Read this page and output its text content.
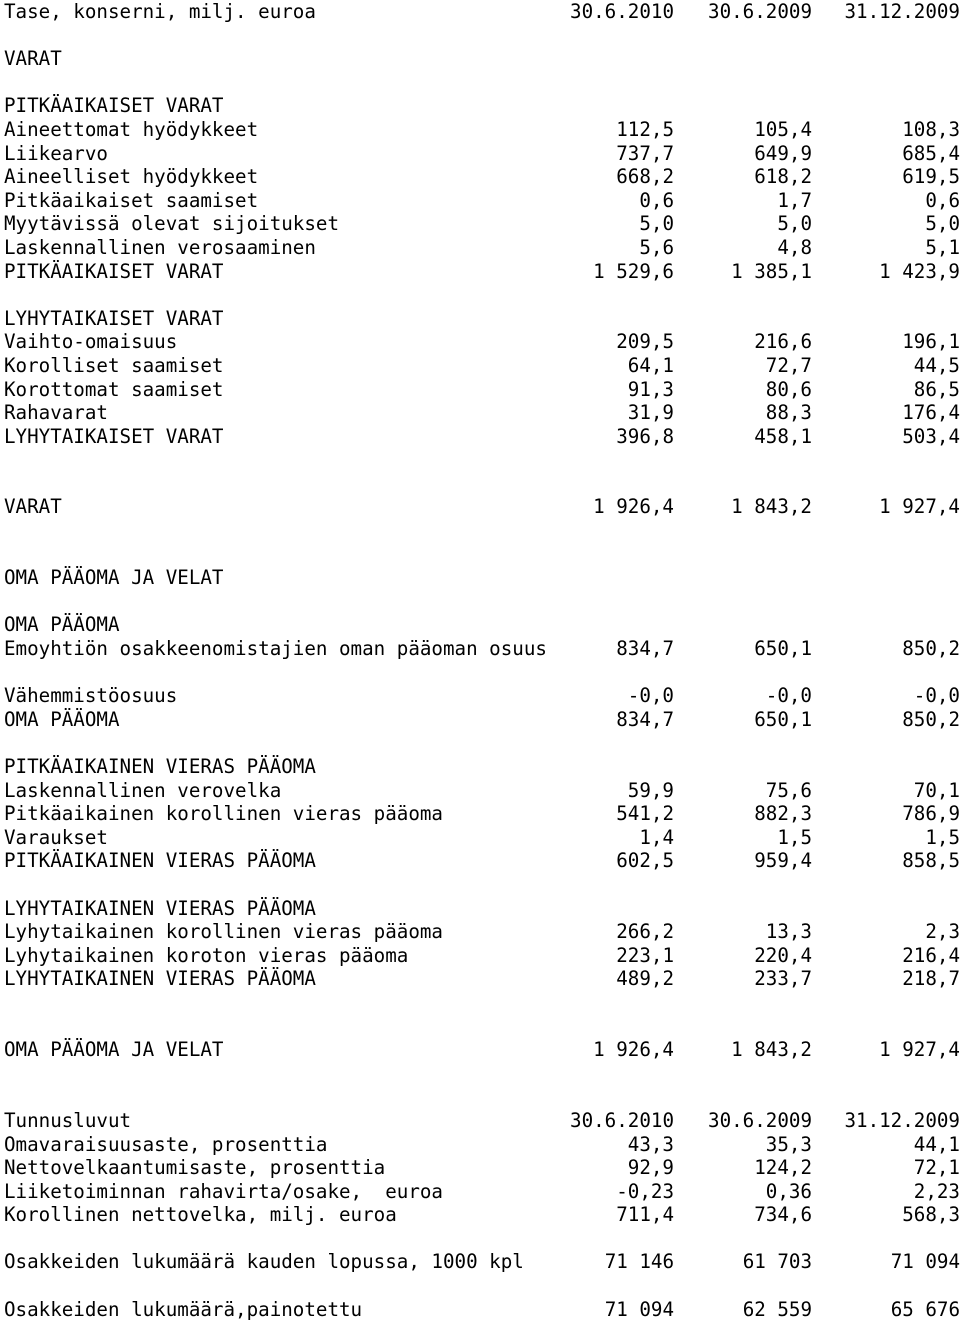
Tase, konserni, milj. euroa	30.6.2010	30.6.2009	31.12.2009
VARAT
PITKÄAIKAISET VARAT
Aineettomat hyödykkeet	112,5	105,4	108,3
Liikearvo	737,7	649,9	685,4
Aineelliset hyödykkeet	668,2	618,2	619,5
Pitkäaikaiset saamiset	0,6	1,7	0,6
Myytävissä olevat sijoitukset	5,0	5,0	5,0
Laskennallinen verosaaminen	5,6	4,8	5,1
PITKÄAIKAISET VARAT	1 529,6	1 385,1	1 423,9
LYHYTAIKAISET VARAT
Vaihto-omaisuus	209,5	216,6	196,1
Korolliset saamiset	64,1	72,7	44,5
Korottomat saamiset	91,3	80,6	86,5
Rahavarat	31,9	88,3	176,4
LYHYTAIKAISET VARAT	396,8	458,1	503,4
VARAT	1 926,4	1 843,2	1 927,4
OMA PÄÄOMA JA VELAT
OMA PÄÄOMA
Emoyhtiön osakkeenomistajien oman pääoman osuus	834,7	650,1	850,2
Vähemmistöosuus	-0,0	-0,0	-0,0
OMA PÄÄOMA	834,7	650,1	850,2
PITKÄAIKAINEN VIERAS PÄÄOMA
Laskennallinen verovelka	59,9	75,6	70,1
Pitkäaikainen korollinen vieras pääoma	541,2	882,3	786,9
Varaukset	1,4	1,5	1,5
PITKÄAIKAINEN VIERAS PÄÄOMA	602,5	959,4	858,5
LYHYTAIKAINEN VIERAS PÄÄOMA
Lyhytaikainen korollinen vieras pääoma	266,2	13,3	2,3
Lyhytaikainen koroton vieras pääoma	223,1	220,4	216,4
LYHYTAIKAINEN VIERAS PÄÄOMA	489,2	233,7	218,7
OMA PÄÄOMA JA VELAT	1 926,4	1 843,2	1 927,4
Tunnusluvut	30.6.2010	30.6.2009	31.12.2009
Omavaraisuusaste, prosenttia	43,3	35,3	44,1
Nettovelkaantumisaste, prosenttia	92,9	124,2	72,1
Liiketoiminnan rahavirta/osake,  euroa	-0,23	0,36	2,23
Korollinen nettovelka, milj. euroa	711,4	734,6	568,3
Osakkeiden lukumäärä kauden lopussa, 1000 kpl	71 146	61 703	71 094
Osakkeiden lukumäärä,painotettu	71 094	62 559	65 676
